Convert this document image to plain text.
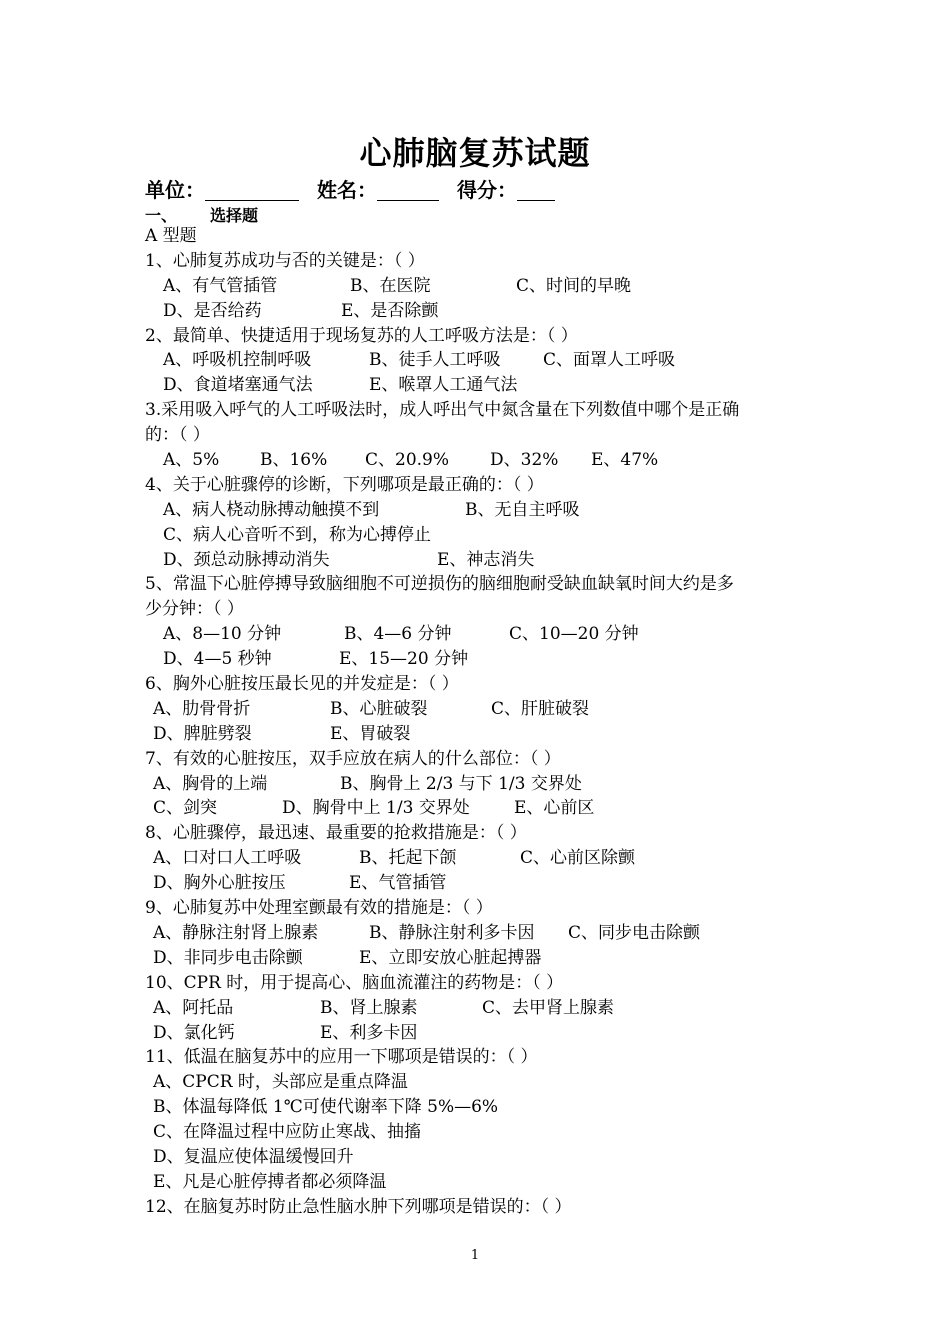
心肺脑复苏试题
单位：	姓名：	得分：
一、 选择题
A 型题
1、心肺复苏成功与否的关键是：（ ）
A、有气管插管	B、在医院	C、时间的早晚
D、是否给药	E、是否除颤
2、最简单、快捷适用于现场复苏的人工呼吸方法是：（ ）
A、呼吸机控制呼吸	B、徒手人工呼吸	C、面罩人工呼吸
D、食道堵塞通气法	E、喉罩人工通气法
3.采用吸入呼气的人工呼吸法时，成人呼出气中氮含量在下列数值中哪个是正确
的：（ ）
A、5% B、16% C、20.9% D、32% E、47%
4、关于心脏骤停的诊断，下列哪项是最正确的：（ ）
A、病人桡动脉搏动触摸不到	B、无自主呼吸
C、病人心音听不到，称为心搏停止
D、颈总动脉搏动消失	E、神志消失
5、常温下心脏停搏导致脑细胞不可逆损伤的脑细胞耐受缺血缺氧时间大约是多
少分钟：（ ）
A、8—10 分钟	B、4—6 分钟	C、10—20 分钟
D、4—5 秒钟	E、15—20 分钟
6、胸外心脏按压最长见的并发症是：（ ）
A、肋骨骨折	B、心脏破裂	C、肝脏破裂
D、脾脏劈裂	E、胃破裂
7、有效的心脏按压，双手应放在病人的什么部位：（ ）
A、胸骨的上端	B、胸骨上 2/3 与下 1/3 交界处
C、剑突	D、胸骨中上 1/3 交界处	E、心前区
8、心脏骤停，最迅速、最重要的抢救措施是：（ ）
A、口对口人工呼吸	B、托起下颌	C、心前区除颤
D、胸外心脏按压	E、气管插管
9、心肺复苏中处理室颤最有效的措施是：（ ）
A、静脉注射肾上腺素	B、静脉注射利多卡因 C、同步电击除颤
D、非同步电击除颤	E、立即安放心脏起搏器
10、CPR 时，用于提高心、脑血流灌注的药物是：（ ）
A、阿托品	B、肾上腺素	C、去甲肾上腺素
D、氯化钙	E、利多卡因
11、低温在脑复苏中的应用一下哪项是错误的：（ ）
A、CPCR 时，头部应是重点降温
B、体温每降低 1℃可使代谢率下降 5%—6%
C、在降温过程中应防止寒战、抽搐
D、复温应使体温缓慢回升
E、凡是心脏停搏者都必须降温
12、在脑复苏时防止急性脑水肿下列哪项是错误的：（ ）
1
